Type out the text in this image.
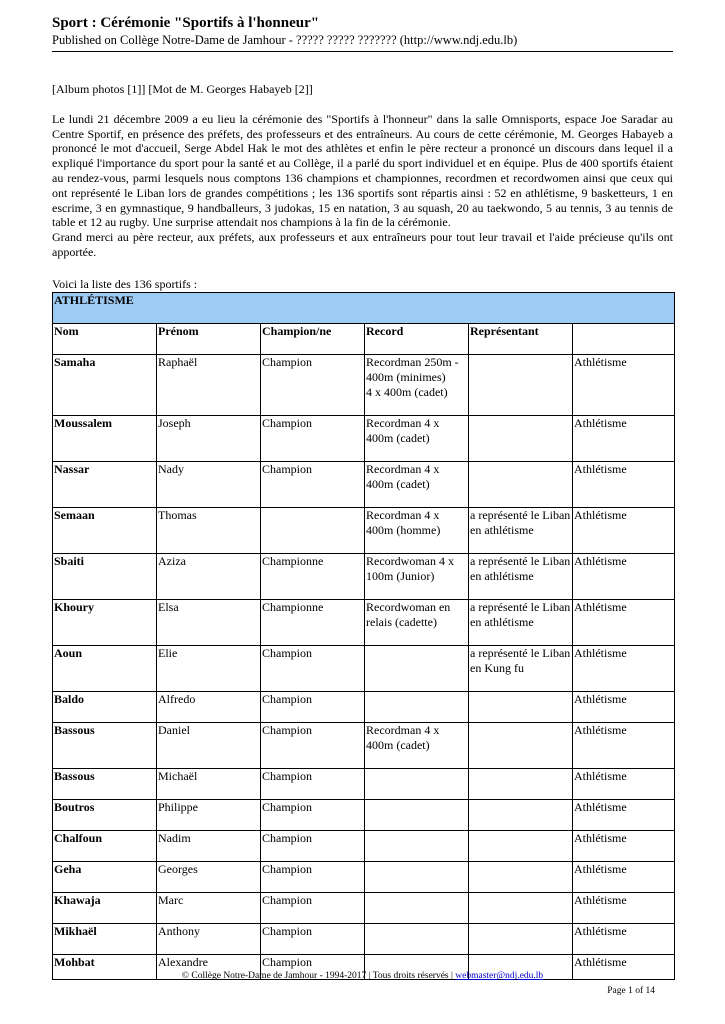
Sport : Cérémonie "Sportifs à l'honneur"
Published on Collège Notre-Dame de Jamhour - ????? ????? ??????? (http://www.ndj.edu.lb)

[Album photos [1]] [Mot de M. Georges Habayeb [2]]

Le lundi 21 décembre 2009 a eu lieu la cérémonie des "Sportifs à l'honneur" dans la salle Omnisports, espace Joe Saradar au Centre Sportif, en présence des préfets, des professeurs et des entraîneurs. Au cours de cette cérémonie, M. Georges Habayeb a prononcé le mot d'accueil, Serge Abdel Hak le mot des athlètes et enfin le père recteur a prononcé un discours dans lequel il a expliqué l'importance du sport pour la santé et au Collège, il a parlé du sport individuel et en équipe. Plus de 400 sportifs étaient au rendez-vous, parmi lesquels nous comptons 136 champions et championnes, recordmen et recordwomen ainsi que ceux qui ont représenté le Liban lors de grandes compétitions ; les 136 sportifs sont répartis ainsi : 52 en athlétisme, 9 basketteurs, 1 en escrime, 3 en gymnastique, 9 handballeurs, 3 judokas, 15 en natation, 3 au squash, 20 au taekwondo, 5 au tennis, 3 au tennis de table et 12 au rugby. Une surprise attendait nos champions à la fin de la cérémonie.

Grand merci au père recteur, aux préfets, aux professeurs et aux entraîneurs pour tout leur travail et l'aide précieuse qu'ils ont apportée.

Voici la liste des 136 sportifs :

ATHLÉTISME					
Nom	Prénom	Champion/ne	Record	Représentant	
Samaha	Raphaël	Champion	Recordman 250m - 400m (minimes)
4 x 400m (cadet)		Athlétisme
Moussalem	Joseph	Champion	Recordman 4 x 400m (cadet)		Athlétisme
Nassar	Nady	Champion	Recordman 4 x 400m (cadet)		Athlétisme
Semaan	Thomas		Recordman 4 x 400m (homme)	a représenté le Liban en athlétisme	Athlétisme
Sbaiti	Aziza	Championne	Recordwoman 4 x 100m (Junior)	a représenté le Liban en athlétisme	Athlétisme
Khoury	Elsa	Championne	Recordwoman en relais (cadette)	a représenté le Liban en athlétisme	Athlétisme
Aoun	Elie	Champion		a représenté le Liban en Kung fu	Athlétisme
Baldo	Alfredo	Champion			Athlétisme
Bassous	Daniel	Champion	Recordman 4 x 400m (cadet)		Athlétisme
Bassous	Michaël	Champion			Athlétisme
Boutros	Philippe	Champion			Athlétisme
Chalfoun	Nadim	Champion			Athlétisme
Geha	Georges	Champion			Athlétisme
Khawaja	Marc	Champion			Athlétisme
Mikhaël	Anthony	Champion			Athlétisme
Mohbat	Alexandre	Champion			Athlétisme
© Collège Notre-Dame de Jamhour - 1994-2017 | Tous droits réservés | webmaster@ndj.edu.lb
Page 1 of 14
